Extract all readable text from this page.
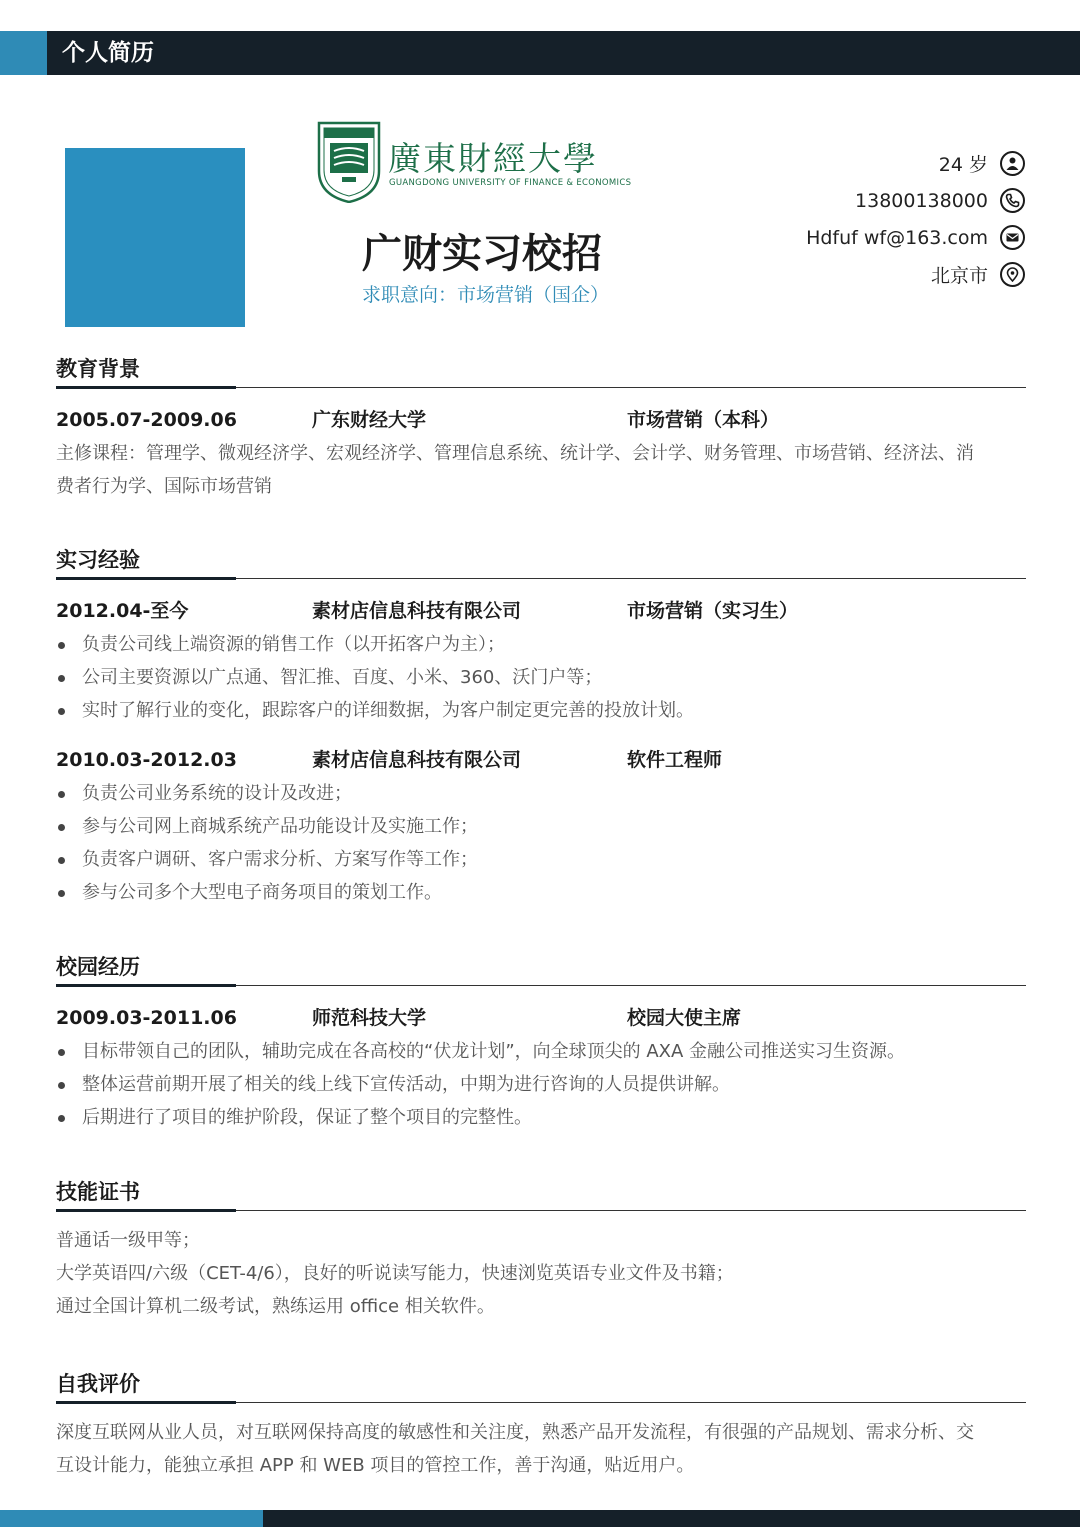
个人简历
廣東財經大學
GUANGDONG UNIVERSITY OF FINANCE & ECONOMICS
广财实习校招
求职意向：市场营销（国企）
24 岁
13800138000
Hdfuf wf@163.com
北京市
教育背景
2005.07-2009.06	广东财经大学	市场营销（本科）
主修课程：管理学、微观经济学、宏观经济学、管理信息系统、统计学、会计学、财务管理、市场营销、经济法、消
费者行为学、国际市场营销
实习经验
2012.04-至今	素材店信息科技有限公司	市场营销（实习生）
负责公司线上端资源的销售工作（以开拓客户为主）；
公司主要资源以广点通、智汇推、百度、小米、360、沃门户等；
实时了解行业的变化，跟踪客户的详细数据，为客户制定更完善的投放计划。
2010.03-2012.03	素材店信息科技有限公司	软件工程师
负责公司业务系统的设计及改进；
参与公司网上商城系统产品功能设计及实施工作；
负责客户调研、客户需求分析、方案写作等工作；
参与公司多个大型电子商务项目的策划工作。
校园经历
2009.03-2011.06	师范科技大学	校园大使主席
目标带领自己的团队，辅助完成在各高校的“伏龙计划”，向全球顶尖的 AXA 金融公司推送实习生资源。
整体运营前期开展了相关的线上线下宣传活动，中期为进行咨询的人员提供讲解。
后期进行了项目的维护阶段，保证了整个项目的完整性。
技能证书
普通话一级甲等；
大学英语四/六级（CET-4/6），良好的听说读写能力，快速浏览英语专业文件及书籍；
通过全国计算机二级考试，熟练运用 office 相关软件。
自我评价
深度互联网从业人员，对互联网保持高度的敏感性和关注度，熟悉产品开发流程，有很强的产品规划、需求分析、交
互设计能力，能独立承担 APP 和 WEB 项目的管控工作，善于沟通，贴近用户。
